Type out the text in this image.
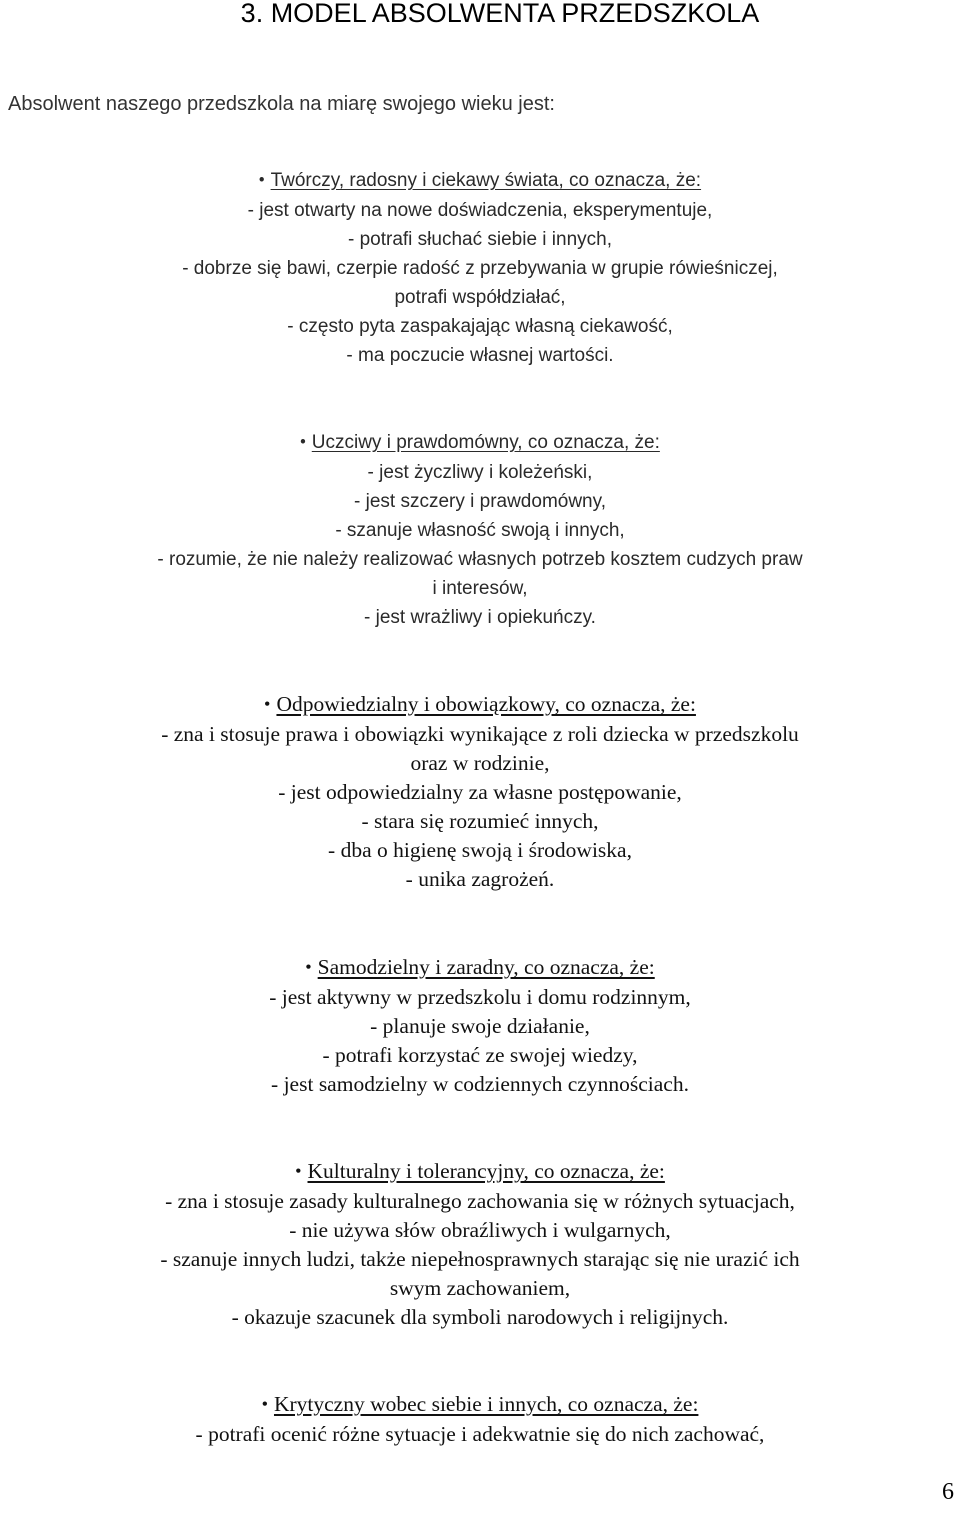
3. MODEL ABSOLWENTA PRZEDSZKOLA
Absolwent naszego przedszkola na miarę swojego wieku jest:
• Twórczy, radosny i ciekawy świata, co oznacza, że:
- jest otwarty na nowe doświadczenia, eksperymentuje,
- potrafi słuchać siebie i innych,
- dobrze się bawi, czerpie radość z przebywania w grupie rówieśniczej,
potrafi współdziałać,
- często pyta zaspakajając własną ciekawość,
- ma poczucie własnej wartości.
• Uczciwy i prawdomówny, co oznacza, że:
- jest życzliwy i koleżeński,
- jest szczery i prawdomówny,
- szanuje własność swoją i innych,
- rozumie, że nie należy realizować własnych potrzeb kosztem cudzych praw
i interesów,
- jest wrażliwy i opiekuńczy.
• Odpowiedzialny i obowiązkowy, co oznacza, że:
- zna i stosuje prawa i obowiązki wynikające z roli dziecka w przedszkolu
oraz w rodzinie,
- jest odpowiedzialny za własne postępowanie,
- stara się rozumieć innych,
- dba o higienę swoją i środowiska,
- unika zagrożeń.
• Samodzielny i zaradny, co oznacza, że:
- jest aktywny w przedszkolu i domu rodzinnym,
- planuje swoje działanie,
- potrafi korzystać ze swojej wiedzy,
- jest samodzielny w codziennych czynnościach.
• Kulturalny i tolerancyjny, co oznacza, że:
- zna i stosuje zasady kulturalnego zachowania się w różnych sytuacjach,
- nie używa słów obraźliwych i wulgarnych,
- szanuje innych ludzi, także niepełnosprawnych starając się nie urazić ich
swym zachowaniem,
- okazuje szacunek dla symboli narodowych i religijnych.
• Krytyczny wobec siebie i innych, co oznacza, że:
- potrafi ocenić różne sytuacje i adekwatnie się do nich zachować,
6
